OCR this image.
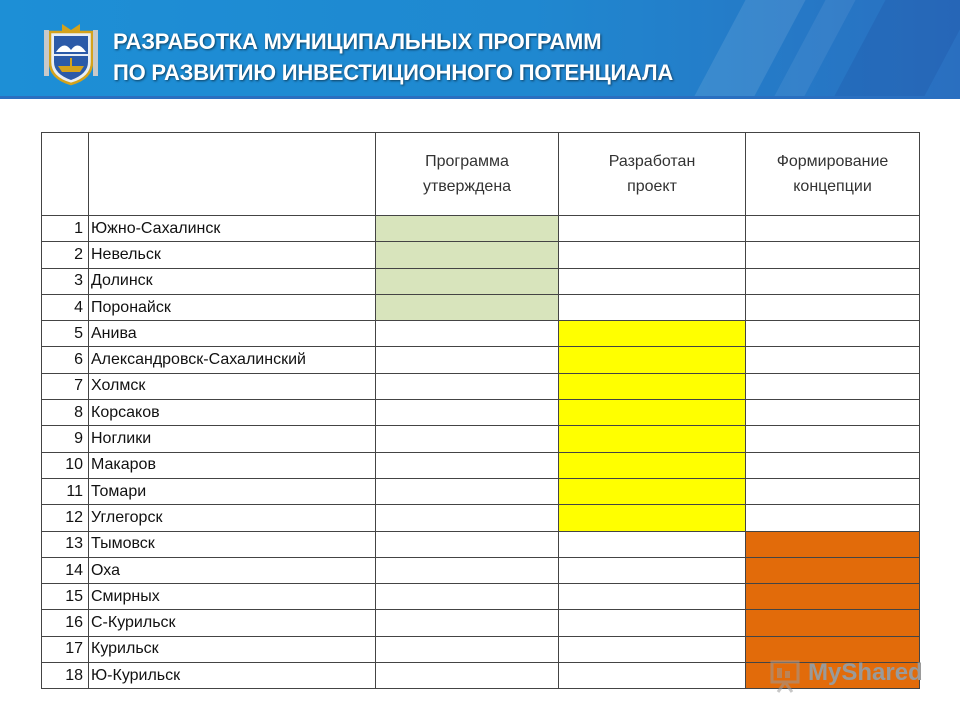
РАЗРАБОТКА МУНИЦИПАЛЬНЫХ ПРОГРАММ
ПО РАЗВИТИЮ ИНВЕСТИЦИОННОГО ПОТЕНЦИАЛА
		Программа утверждена	Разработан проект	Формирование концепции
1	Южно-Сахалинск			
2	Невельск			
3	Долинск			
4	Поронайск			
5	Анива			
6	Александровск-Сахалинский			
7	Холмск			
8	Корсаков			
9	Ноглики			
10	Макаров			
11	Томари			
12	Углегорск			
13	Тымовск			
14	Оха			
15	Смирных			
16	С-Курильск			
17	Курильск			
18	Ю-Курильск				MyShared
